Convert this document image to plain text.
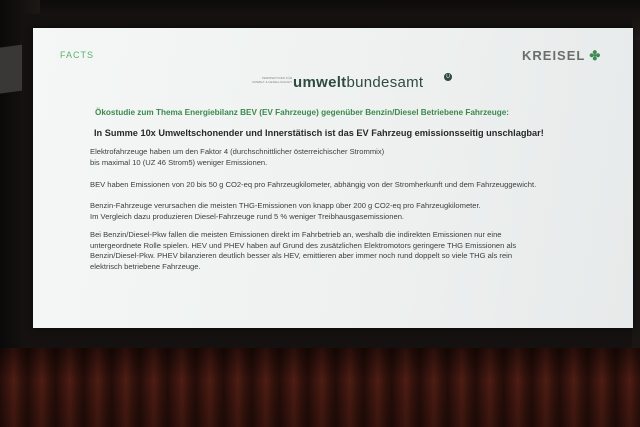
FACTS	KREISEL ✤
PERSPEKTIVEN FÜR
UMWELT & GESELLSCHAFT umweltbundesamt	U
Ökostudie zum Thema Energiebilanz BEV (EV Fahrzeuge) gegenüber Benzin/Diesel Betriebene Fahrzeuge:
In Summe 10x Umweltschonender und Innerstätisch ist das EV Fahrzeug emissionsseitig unschlagbar!
Elektrofahrzeuge haben um den Faktor 4 (durchschnittlicher österreichischer Strommix)
bis maximal 10 (UZ 46 Strom5) weniger Emissionen.
BEV haben Emissionen von 20 bis 50 g CO2-eq pro Fahrzeugkilometer, abhängig von der Stromherkunft und dem Fahrzeuggewicht.
Benzin-Fahrzeuge verursachen die meisten THG-Emissionen von knapp über 200 g CO2-eq pro Fahrzeugkilometer.
Im Vergleich dazu produzieren Diesel-Fahrzeuge rund 5 % weniger Treibhausgasemissionen.
Bei Benzin/Diesel-Pkw fallen die meisten Emissionen direkt im Fahrbetrieb an, weshalb die indirekten Emissionen nur eine
untergeordnete Rolle spielen. HEV und PHEV haben auf Grund des zusätzlichen Elektromotors geringere THG Emissionen als
Benzin/Diesel-Pkw. PHEV bilanzieren deutlich besser als HEV, emittieren aber immer noch rund doppelt so viele THG als rein
elektrisch betriebene Fahrzeuge.
